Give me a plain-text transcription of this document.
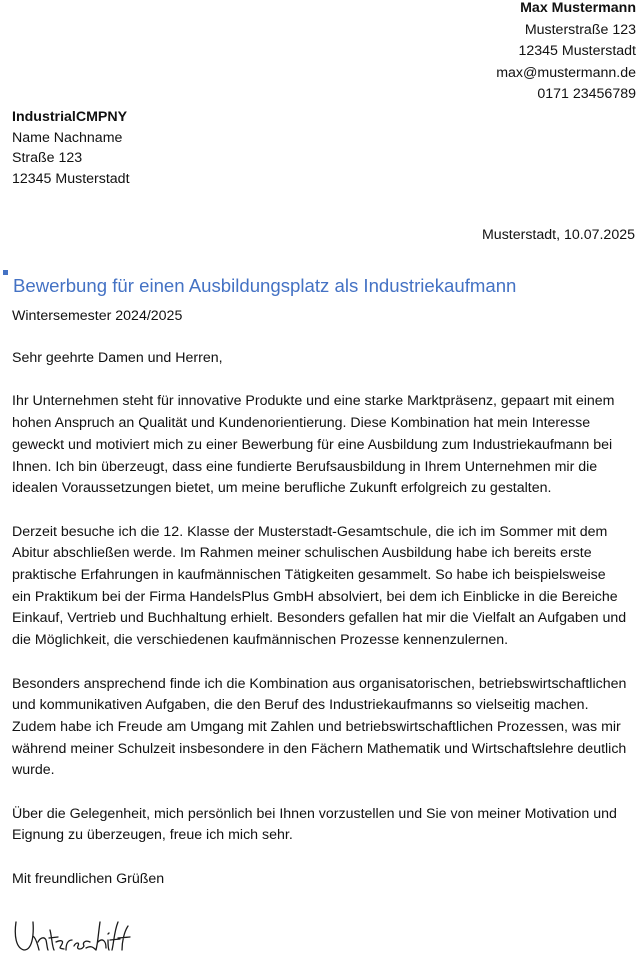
Max Mustermann
Musterstraße 123
12345 Musterstadt
max@mustermann.de
0171 23456789
IndustrialCMPNY
Name Nachname
Straße 123
12345 Musterstadt
Musterstadt, 10.07.2025
Bewerbung für einen Ausbildungsplatz als Industriekaufmann
Wintersemester 2024/2025

Sehr geehrte Damen und Herren,

Ihr Unternehmen steht für innovative Produkte und eine starke Marktpräsenz, gepaart mit einem hohen Anspruch an Qualität und Kundenorientierung. Diese Kombination hat mein Interesse geweckt und motiviert mich zu einer Bewerbung für eine Ausbildung zum Industriekaufmann bei Ihnen. Ich bin überzeugt, dass eine fundierte Berufsausbildung in Ihrem Unternehmen mir die idealen Voraussetzungen bietet, um meine berufliche Zukunft erfolgreich zu gestalten.

Derzeit besuche ich die 12. Klasse der Musterstadt-Gesamtschule, die ich im Sommer mit dem Abitur abschließen werde. Im Rahmen meiner schulischen Ausbildung habe ich bereits erste praktische Erfahrungen in kaufmännischen Tätigkeiten gesammelt. So habe ich beispielsweise ein Praktikum bei der Firma HandelsPlus GmbH absolviert, bei dem ich Einblicke in die Bereiche Einkauf, Vertrieb und Buchhaltung erhielt. Besonders gefallen hat mir die Vielfalt an Aufgaben und die Möglichkeit, die verschiedenen kaufmännischen Prozesse kennenzulernen.

Besonders ansprechend finde ich die Kombination aus organisatorischen, betriebswirtschaftlichen und kommunikativen Aufgaben, die den Beruf des Industriekaufmanns so vielseitig machen. Zudem habe ich Freude am Umgang mit Zahlen und betriebswirtschaftlichen Prozessen, was mir während meiner Schulzeit insbesondere in den Fächern Mathematik und Wirtschaftslehre deutlich wurde.

Über die Gelegenheit, mich persönlich bei Ihnen vorzustellen und Sie von meiner Motivation und Eignung zu überzeugen, freue ich mich sehr.

Mit freundlichen Grüßen
